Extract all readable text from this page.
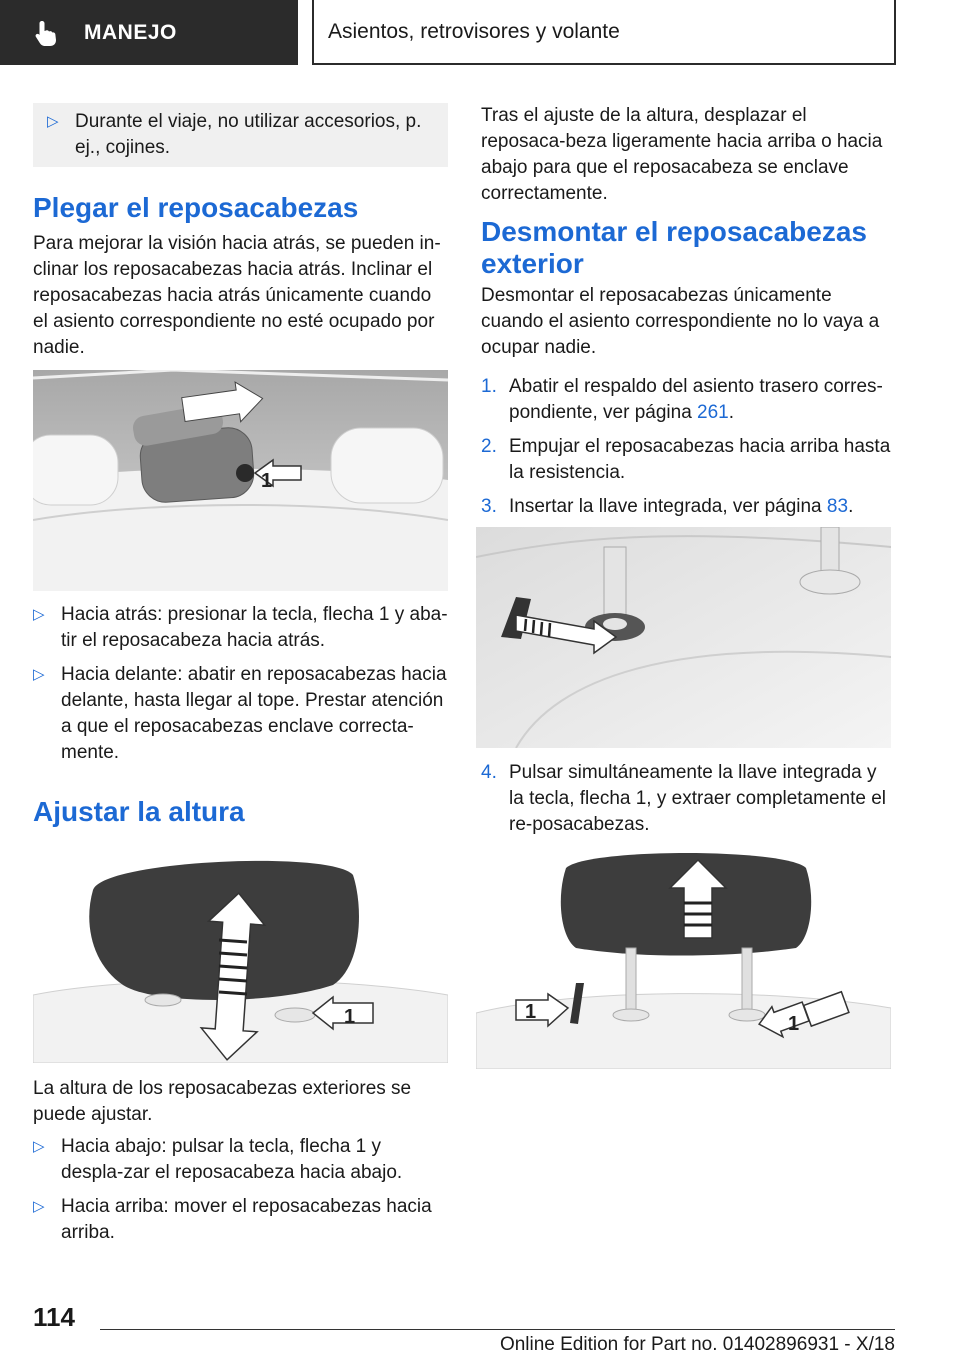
MANEJO	Asientos, retrovisores y volante
▷ Durante el viaje, no utilizar accesorios, p. ej., cojines.
Plegar el reposacabezas

Para mejorar la visión hacia atrás, se pueden in-clinar los reposacabezas hacia atrás. Inclinar el reposacabezas hacia atrás únicamente cuando el asiento correspondiente no esté ocupado por nadie.

1
▷ Hacia atrás: presionar la tecla, flecha 1 y aba-tir el reposacabeza hacia atrás.
▷ Hacia delante: abatir en reposacabezas hacia delante, hasta llegar al tope. Prestar atención a que el reposacabezas enclave correcta-mente.
Ajustar la altura
1

La altura de los reposacabezas exteriores se puede ajustar.

▷ Hacia abajo: pulsar la tecla, flecha 1 y despla-zar el reposacabeza hacia abajo.
▷ Hacia arriba: mover el reposacabezas hacia arriba.

Tras el ajuste de la altura, desplazar el reposaca-beza ligeramente hacia arriba o hacia abajo para que el reposacabeza se enclave correctamente.

Desmontar el reposacabezas exterior

Desmontar el reposacabezas únicamente cuando el asiento correspondiente no lo vaya a ocupar nadie.

1. Abatir el respaldo del asiento trasero corres-pondiente, ver página 261.
2. Empujar el reposacabezas hacia arriba hasta la resistencia.
3. Insertar la llave integrada, ver página 83.
4. Pulsar simultáneamente la llave integrada y la tecla, flecha 1, y extraer completamente el re-posacabezas.
1
1
114
Online Edition for Part no. 01402896931 - X/18
